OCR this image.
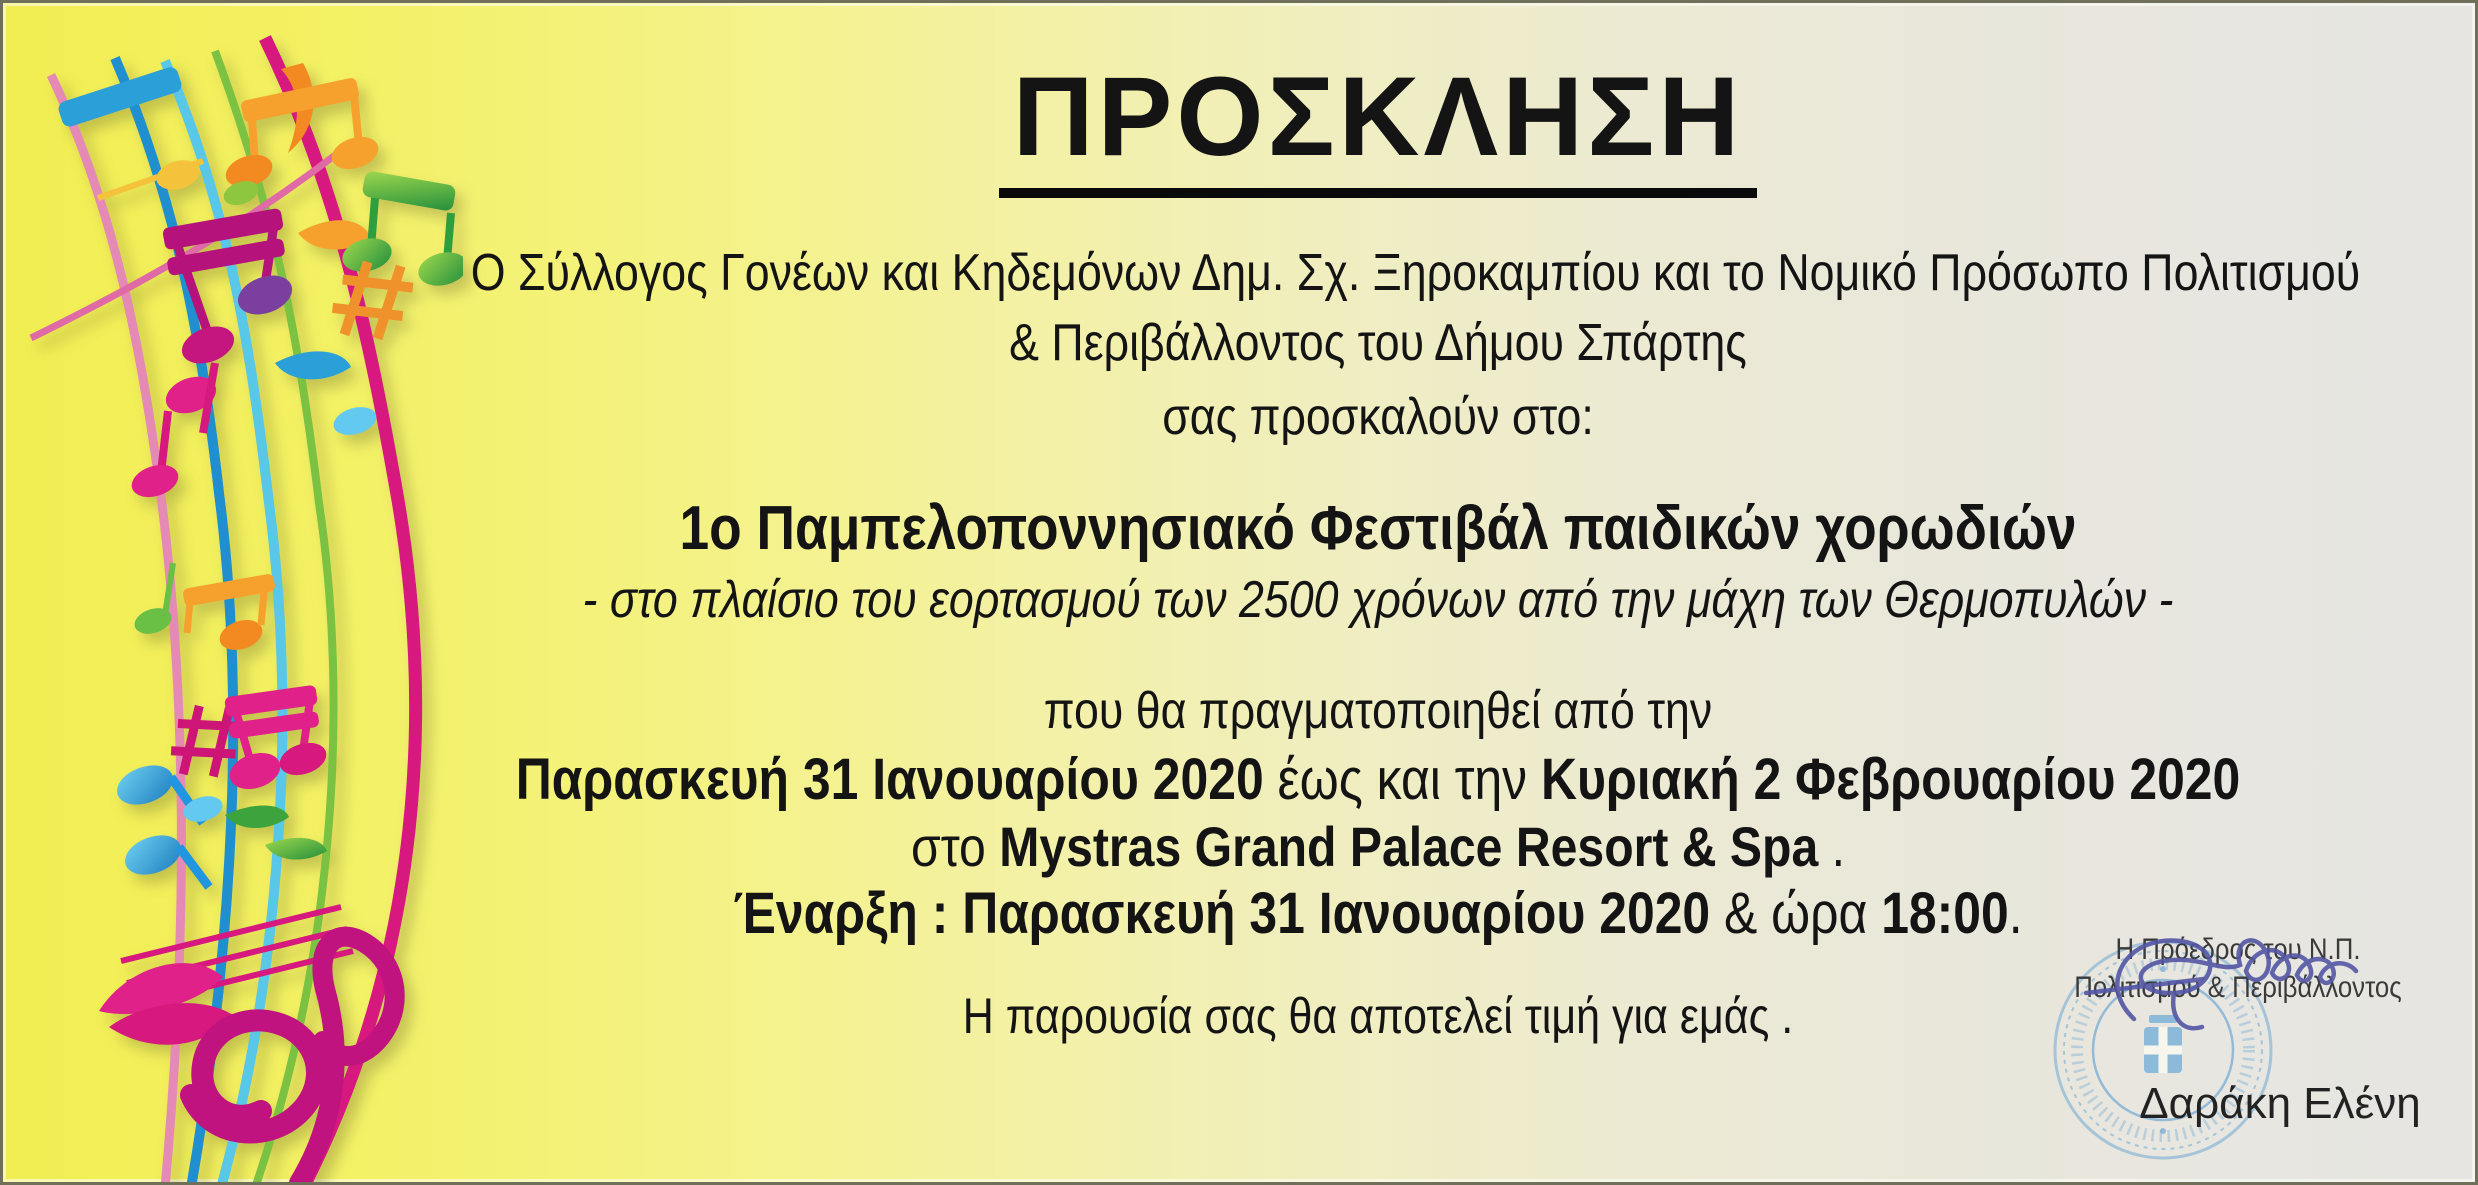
ΠΡΟΣΚΛΗΣΗ
Ο Σύλλογος Γονέων και Κηδεμόνων Δημ. Σχ. Ξηροκαμπίου και το Νομικό Πρόσωπο Πολιτισμού
& Περιβάλλοντος του Δήμου Σπάρτης
σας προσκαλούν στο:
1ο Παμπελοποννησιακό Φεστιβάλ παιδικών χορωδιών
- στο πλαίσιο του εορτασμού των 2500 χρόνων από την μάχη των Θερμοπυλών -
που θα πραγματοποιηθεί από την
Παρασκευή 31 Ιανουαρίου 2020 έως και την Κυριακή 2 Φεβρουαρίου 2020
στο Mystras Grand Palace Resort & Spa .
Έναρξη : Παρασκευή 31 Ιανουαρίου 2020 & ώρα 18:00.
Η παρουσία σας θα αποτελεί τιμή για εμάς .
Η Πρόεδρος του Ν.Π.
Πολιτισμού & Περιβάλλοντος
Δαράκη Ελένη
